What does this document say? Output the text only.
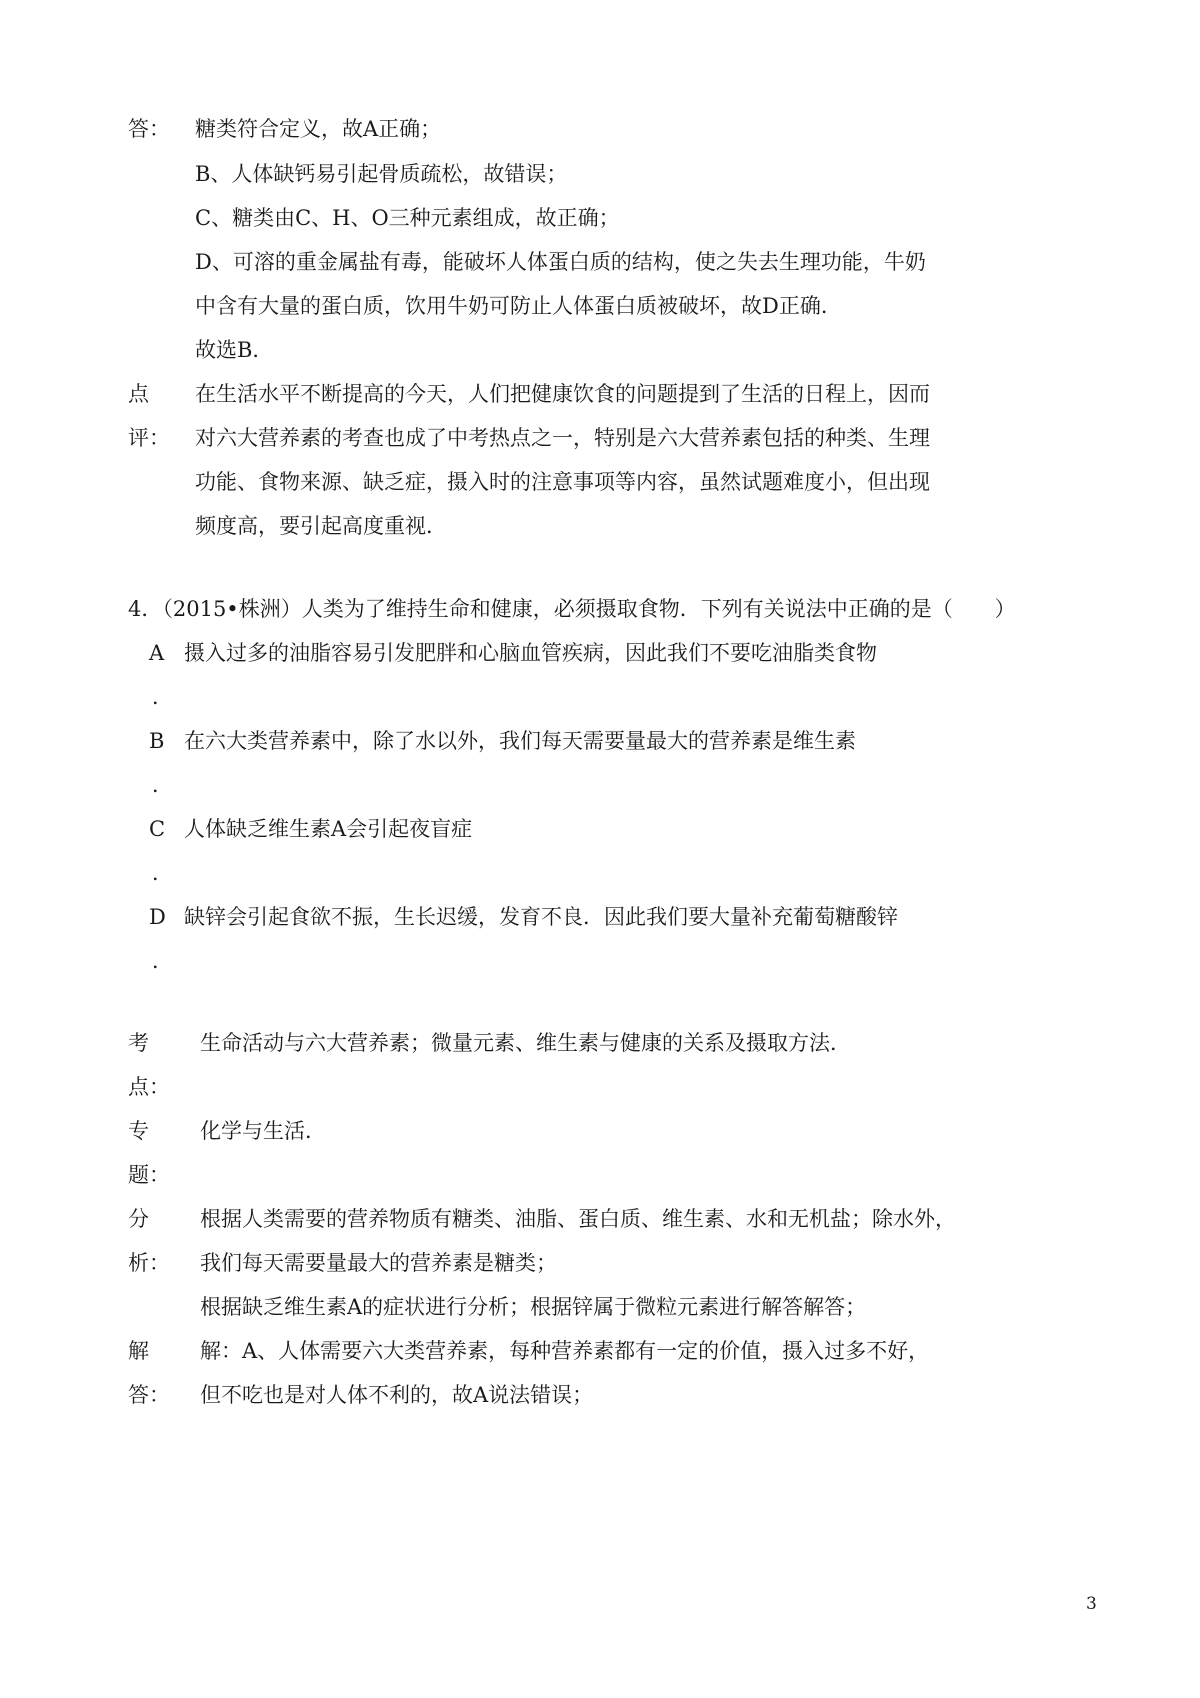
答： 糖类符合定义，故A正确；
B、人体缺钙易引起骨质疏松，故错误；
C、糖类由C、H、O三种元素组成，故正确；
D、可溶的重金属盐有毒，能破坏人体蛋白质的结构，使之失去生理功能，牛奶
中含有大量的蛋白质，饮用牛奶可防止人体蛋白质被破坏，故D正确．
故选B．
点
评：
在生活水平不断提高的今天，人们把健康饮食的问题提到了生活的日程上，因而
对六大营养素的考查也成了中考热点之一，特别是六大营养素包括的种类、生理
功能、食物来源、缺乏症，摄入时的注意事项等内容，虽然试题难度小，但出现
频度高，要引起高度重视．
4．（2015•株洲）人类为了维持生命和健康，必须摄取食物．下列有关说法中正确的是（　　）
A 摄入过多的油脂容易引发肥胖和心脑血管疾病，因此我们不要吃油脂类食物
．
B 在六大类营养素中，除了水以外，我们每天需要量最大的营养素是维生素
．
C 人体缺乏维生素A会引起夜盲症
．
D 缺锌会引起食欲不振，生长迟缓，发育不良．因此我们要大量补充葡萄糖酸锌
．
考
点：
生命活动与六大营养素；微量元素、维生素与健康的关系及摄取方法．
专
题：
化学与生活．
分
析：
根据人类需要的营养物质有糖类、油脂、蛋白质、维生素、水和无机盐；除水外，
我们每天需要量最大的营养素是糖类；
根据缺乏维生素A的症状进行分析；根据锌属于微粒元素进行解答解答；
解
答：
解：A、人体需要六大类营养素，每种营养素都有一定的价值，摄入过多不好，
但不吃也是对人体不利的，故A说法错误；
3
